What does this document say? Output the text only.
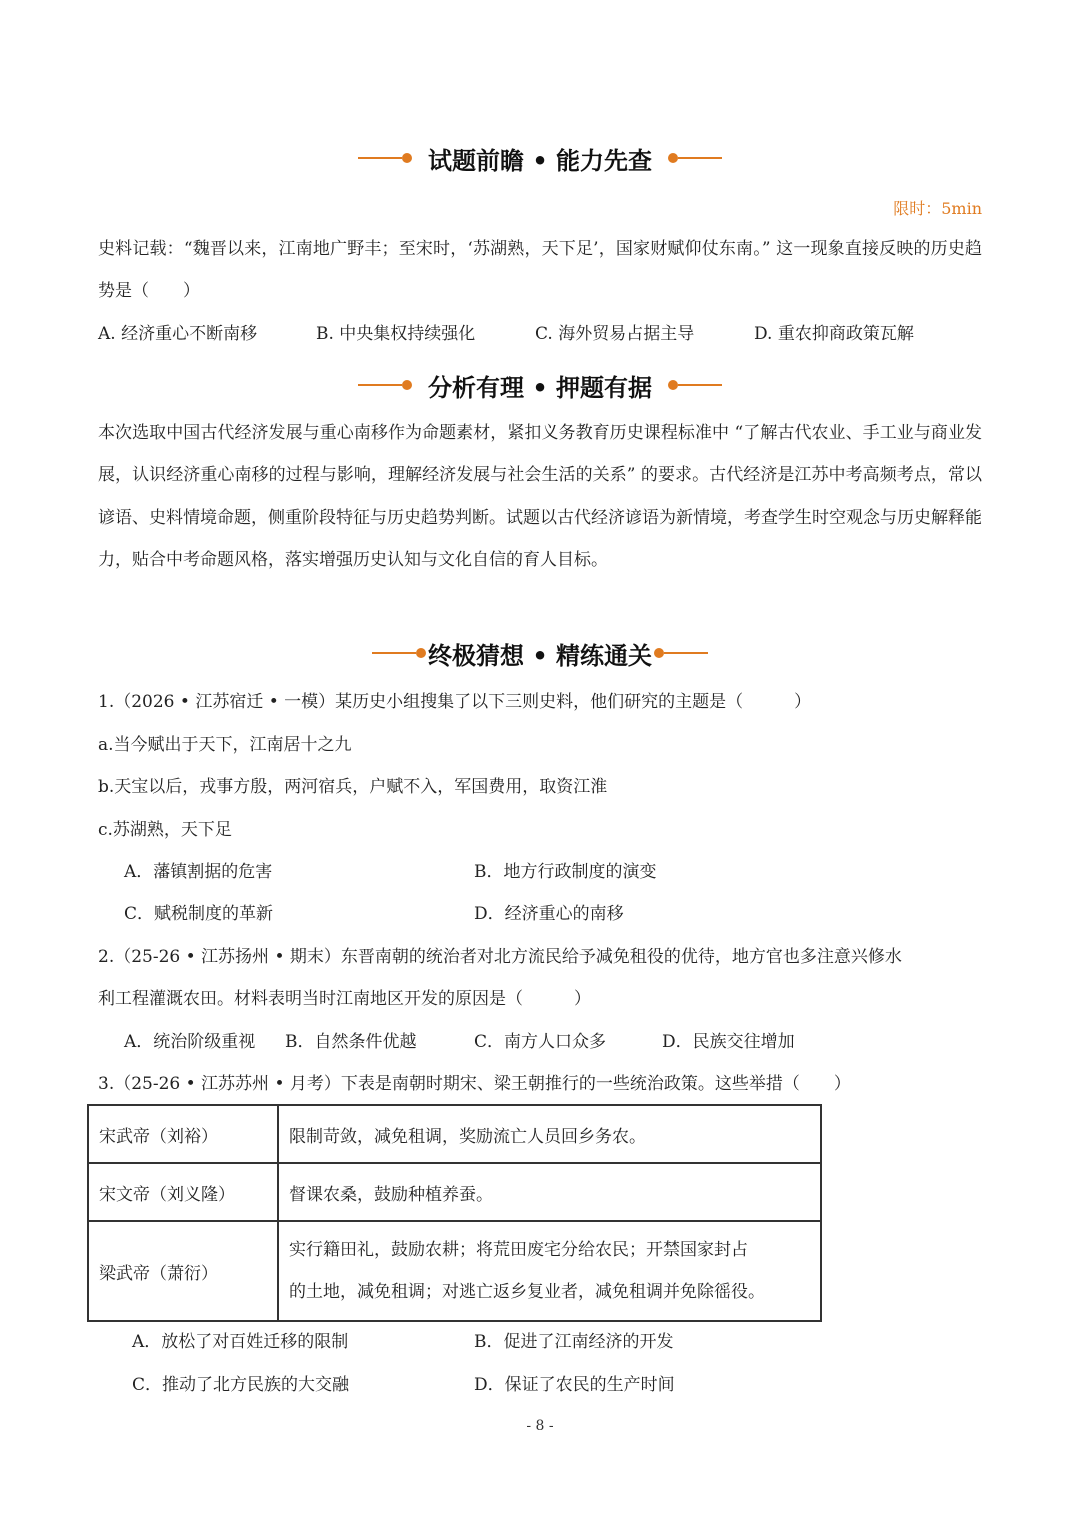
试题前瞻 • 能力先查
限时：5min
史料记载：“魏晋以来，江南地广野丰；至宋时，‘苏湖熟，天下足’，国家财赋仰仗东南。” 这一现象直接反映的历史趋势是（　　）
A. 经济重心不断南移	B. 中央集权持续强化	C. 海外贸易占据主导	D. 重农抑商政策瓦解
分析有理 • 押题有据
本次选取中国古代经济发展与重心南移作为命题素材，紧扣义务教育历史课程标准中 “了解古代农业、手工业与商业发展，认识经济重心南移的过程与影响，理解经济发展与社会生活的关系” 的要求。古代经济是江苏中考高频考点，常以谚语、史料情境命题，侧重阶段特征与历史趋势判断。试题以古代经济谚语为新情境，考查学生时空观念与历史解释能力，贴合中考命题风格，落实增强历史认知与文化自信的育人目标。
终极猜想 • 精练通关
1.（2026 • 江苏宿迁 • 一模）某历史小组搜集了以下三则史料，他们研究的主题是（　　　）
a.当今赋出于天下，江南居十之九
b.天宝以后，戎事方殷，两河宿兵，户赋不入，军国费用，取资江淮
c.苏湖熟，天下足
A．藩镇割据的危害	B．地方行政制度的演变
C．赋税制度的革新	D．经济重心的南移
2.（25-26 • 江苏扬州 • 期末）东晋南朝的统治者对北方流民给予减免租役的优待，地方官也多注意兴修水
利工程灌溉农田。材料表明当时江南地区开发的原因是（　　　）
A．统治阶级重视 B．自然条件优越	C．南方人口众多	D．民族交往增加
3.（25-26 • 江苏苏州 • 月考）下表是南朝时期宋、梁王朝推行的一些统治政策。这些举措（　　）
宋武帝（刘裕）	限制苛敛，减免租调，奖励流亡人员回乡务农。
宋文帝（刘义隆）	督课农桑，鼓励种植养蚕。
梁武帝（萧衍）	实行籍田礼，鼓励农耕；将荒田废宅分给农民；开禁国家封占
的土地，减免租调；对逃亡返乡复业者，减免租调并免除徭役。
A．放松了对百姓迁移的限制	B．促进了江南经济的开发
C．推动了北方民族的大交融	D．保证了农民的生产时间
- 8 -
